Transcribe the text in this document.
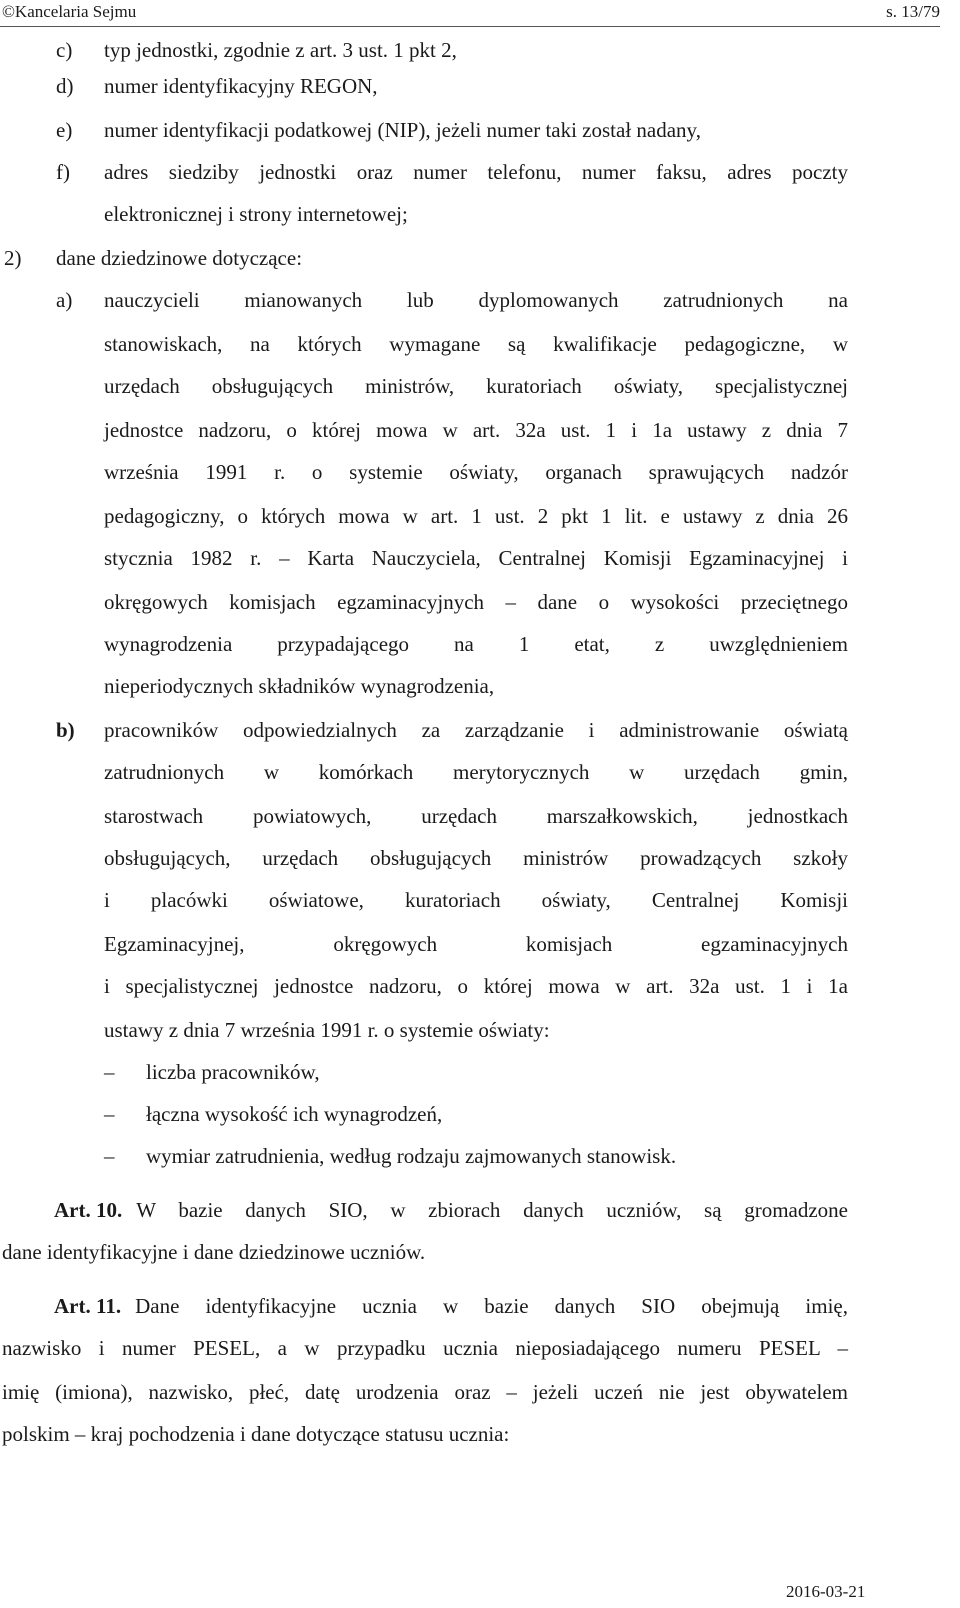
©Kancelaria Sejmu	s. 13/79
c) typ jednostki, zgodnie z art. 3 ust. 1 pkt 2,
d) numer identyfikacyjny REGON,
e) numer identyfikacji podatkowej (NIP), jeżeli numer taki został nadany,
f) adres siedziby jednostki oraz numer telefonu, numer faksu, adres poczty
elektronicznej i strony internetowej;
2) dane dziedzinowe dotyczące:
a) nauczycieli mianowanych lub dyplomowanych zatrudnionych na
stanowiskach, na których wymagane są kwalifikacje pedagogiczne, w
urzędach obsługujących ministrów, kuratoriach oświaty, specjalistycznej
jednostce nadzoru, o której mowa w art. 32a ust. 1 i 1a ustawy z dnia 7
września 1991 r. o systemie oświaty, organach sprawujących nadzór
pedagogiczny, o których mowa w art. 1 ust. 2 pkt 1 lit. e ustawy z dnia 26
stycznia 1982 r. – Karta Nauczyciela, Centralnej Komisji Egzaminacyjnej i
okręgowych komisjach egzaminacyjnych – dane o wysokości przeciętnego
wynagrodzenia przypadającego na 1 etat, z uwzględnieniem
nieperiodycznych składników wynagrodzenia,
b) pracowników odpowiedzialnych za zarządzanie i administrowanie oświatą
zatrudnionych w komórkach merytorycznych w urzędach gmin,
starostwach powiatowych, urzędach marszałkowskich, jednostkach
obsługujących, urzędach obsługujących ministrów prowadzących szkoły
i placówki oświatowe, kuratoriach oświaty, Centralnej Komisji
Egzaminacyjnej, okręgowych komisjach egzaminacyjnych
i specjalistycznej jednostce nadzoru, o której mowa w art. 32a ust. 1 i 1a
ustawy z dnia 7 września 1991 r. o systemie oświaty:
– liczba pracowników,
– łączna wysokość ich wynagrodzeń,
– wymiar zatrudnienia, według rodzaju zajmowanych stanowisk.
Art. 10. W bazie danych SIO, w zbiorach danych uczniów, są gromadzone
dane identyfikacyjne i dane dziedzinowe uczniów.
Art. 11. Dane identyfikacyjne ucznia w bazie danych SIO obejmują imię,
nazwisko i numer PESEL, a w przypadku ucznia nieposiadającego numeru PESEL –
imię (imiona), nazwisko, płeć, datę urodzenia oraz – jeżeli uczeń nie jest obywatelem
polskim – kraj pochodzenia i dane dotyczące statusu ucznia:
2016-03-21
